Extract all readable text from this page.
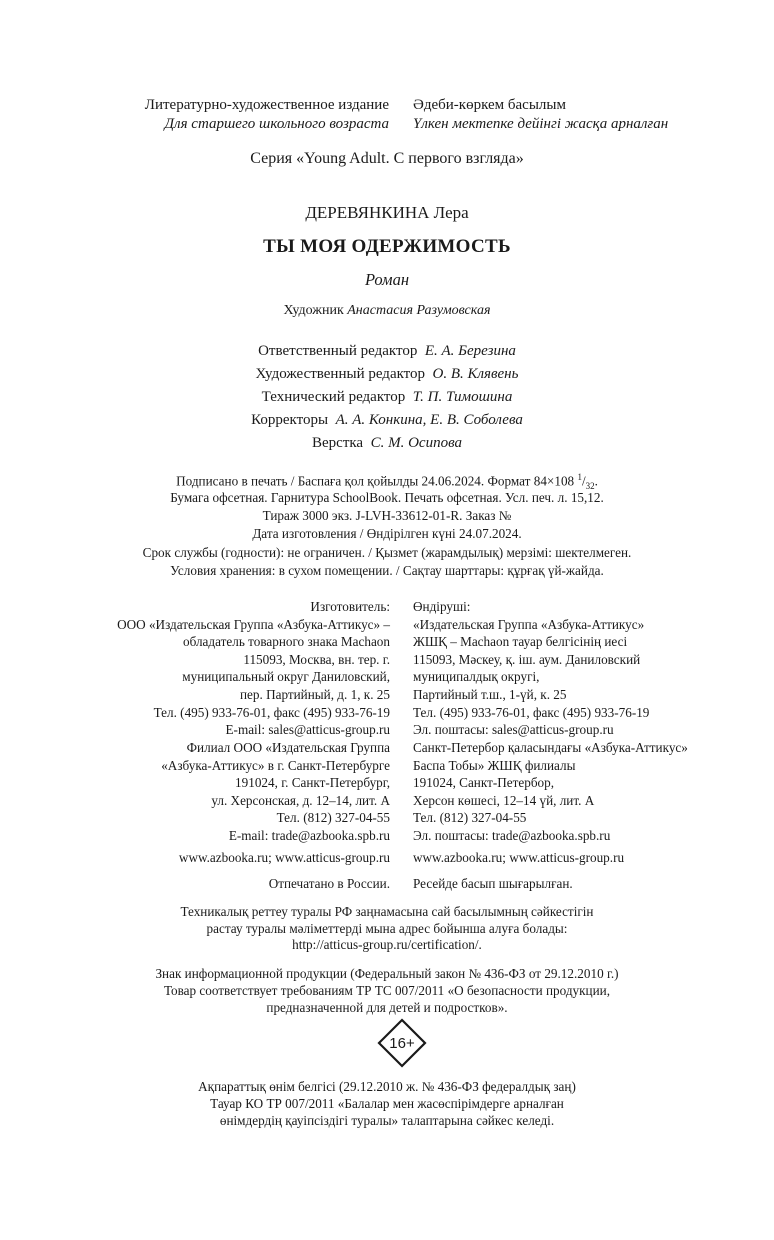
Литературно-художественное издание
Для старшего школьного возраста
Әдеби-көркем басылым
Үлкен мектепке дейінгі жасқа арналған
Серия «Young Adult. С первого взгляда»
ДЕРЕВЯНКИНА Лера
ТЫ МОЯ ОДЕРЖИМОСТЬ
Роман
Художник Анастасия Разумовская
Ответственный редактор Е. А. Березина
Художественный редактор О. В. Клявень
Технический редактор Т. П. Тимошина
Корректоры А. А. Конкина, Е. В. Соболева
Верстка С. М. Осипова
Подписано в печать / Баспаға қол қойылды 24.06.2024. Формат 84×108 $^1/_{32}$.
Бумага офсетная. Гарнитура SchoolBook. Печать офсетная. Усл. печ. л. 15,12.
Тираж 3000 экз. J-LVH-33612-01-R. Заказ №
Дата изготовления / Өндірілген күні 24.07.2024.
Срок службы (годности): не ограничен. / Қызмет (жарамдылық) мерзімі: шектелмеген.
Условия хранения: в сухом помещении. / Сақтау шарттары: құрғақ үй-жайда.
Изготовитель:
ООО «Издательская Группа «Азбука-Аттикус» –
обладатель товарного знака Machaon
115093, Москва, вн. тер. г.
муниципальный округ Даниловский,
пер. Партийный, д. 1, к. 25
Тел. (495) 933-76-01, факс (495) 933-76-19
E-mail: sales@atticus-group.ru
Өндіруші:
«Издательская Группа «Азбука-Аттикус»
ЖШҚ – Machaon тауар белгісінің иесі
115093, Мәскеу, қ. іш. аум. Даниловский
муниципалдық округі,
Партийный т.ш., 1-үй, к. 25
Тел. (495) 933-76-01, факс (495) 933-76-19
Эл. поштасы: sales@atticus-group.ru
Филиал ООО «Издательская Группа
«Азбука-Аттикус» в г. Санкт-Петербурге
191024, г. Санкт-Петербург,
ул. Херсонская, д. 12–14, лит. А
Тел. (812) 327-04-55
E-mail: trade@azbooka.spb.ru
Санкт-Петербор қаласындағы «Азбука-Аттикус»
Баспа Тобы» ЖШҚ филиалы
191024, Санкт-Петербор,
Херсон көшесі, 12–14 үй, лит. А
Тел. (812) 327-04-55
Эл. поштасы: trade@azbooka.spb.ru
www.azbooka.ru; www.atticus-group.ru www.azbooka.ru; www.atticus-group.ru
Отпечатано в России. Ресейде басып шығарылған.
Техникалық реттеу туралы РФ заңнамасына сай басылымның сәйкестігін
растау туралы мәліметтерді мына адрес бойынша алуға болады:
http://atticus-group.ru/certification/.
Знак информационной продукции (Федеральный закон № 436-ФЗ от 29.12.2010 г.)
Товар соответствует требованиям ТР ТС 007/2011 «О безопасности продукции,
предназначенной для детей и подростков».
16+
Ақпараттық өнім белгісі (29.12.2010 ж. № 436-ФЗ федералдық заң)
Тауар КО ТР 007/2011 «Балалар мен жасөспірімдерге арналған
өнімдердің қауіпсіздігі туралы» талаптарына сәйкес келеді.
